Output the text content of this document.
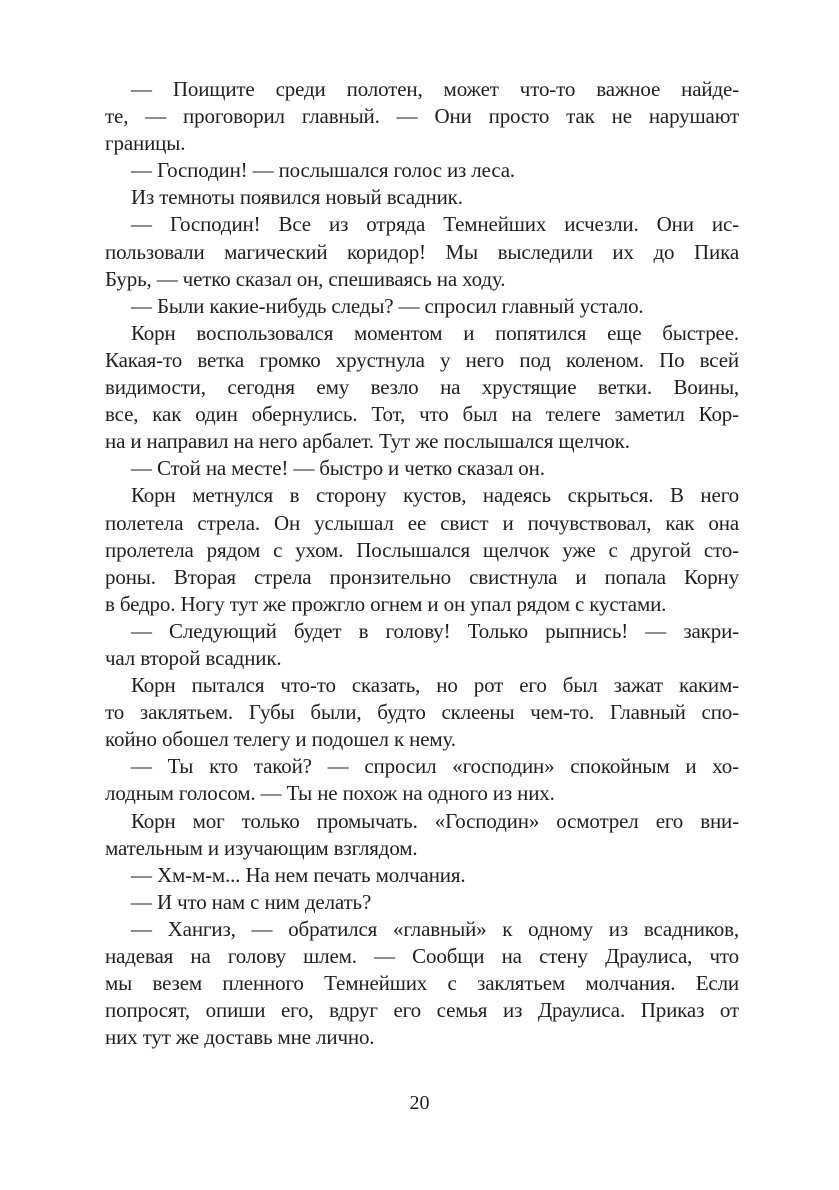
— Поищите среди полотен, может что-то важное найде-
те, — проговорил главный. — Они просто так не нарушают
границы.
— Господин! — послышался голос из леса.
Из темноты появился новый всадник.
— Господин! Все из отряда Темнейших исчезли. Они ис-
пользовали магический коридор! Мы выследили их до Пика
Бурь, — четко сказал он, спешиваясь на ходу.
— Были какие-нибудь следы? — спросил главный устало.
Корн воспользовался моментом и попятился еще быстрее.
Какая-то ветка громко хрустнула у него под коленом. По всей
видимости, сегодня ему везло на хрустящие ветки. Воины,
все, как один обернулись. Тот, что был на телеге заметил Кор-
на и направил на него арбалет. Тут же послышался щелчок.
— Стой на месте! — быстро и четко сказал он.
Корн метнулся в сторону кустов, надеясь скрыться. В него
полетела стрела. Он услышал ее свист и почувствовал, как она
пролетела рядом с ухом. Послышался щелчок уже с другой сто-
роны. Вторая стрела пронзительно свистнула и попала Корну
в бедро. Ногу тут же прожгло огнем и он упал рядом с кустами.
— Следующий будет в голову! Только рыпнись! — закри-
чал второй всадник.
Корн пытался что-то сказать, но рот его был зажат каким-
то заклятьем. Губы были, будто склеены чем-то. Главный спо-
койно обошел телегу и подошел к нему.
— Ты кто такой? — спросил «господин» спокойным и хо-
лодным голосом. — Ты не похож на одного из них.
Корн мог только промычать. «Господин» осмотрел его вни-
мательным и изучающим взглядом.
— Хм-м-м... На нем печать молчания.
— И что нам с ним делать?
— Хангиз, — обратился «главный» к одному из всадников,
надевая на голову шлем. — Сообщи на стену Драулиса, что
мы везем пленного Темнейших с заклятьем молчания. Если
попросят, опиши его, вдруг его семья из Драулиса. Приказ от
них тут же доставь мне лично.
20
